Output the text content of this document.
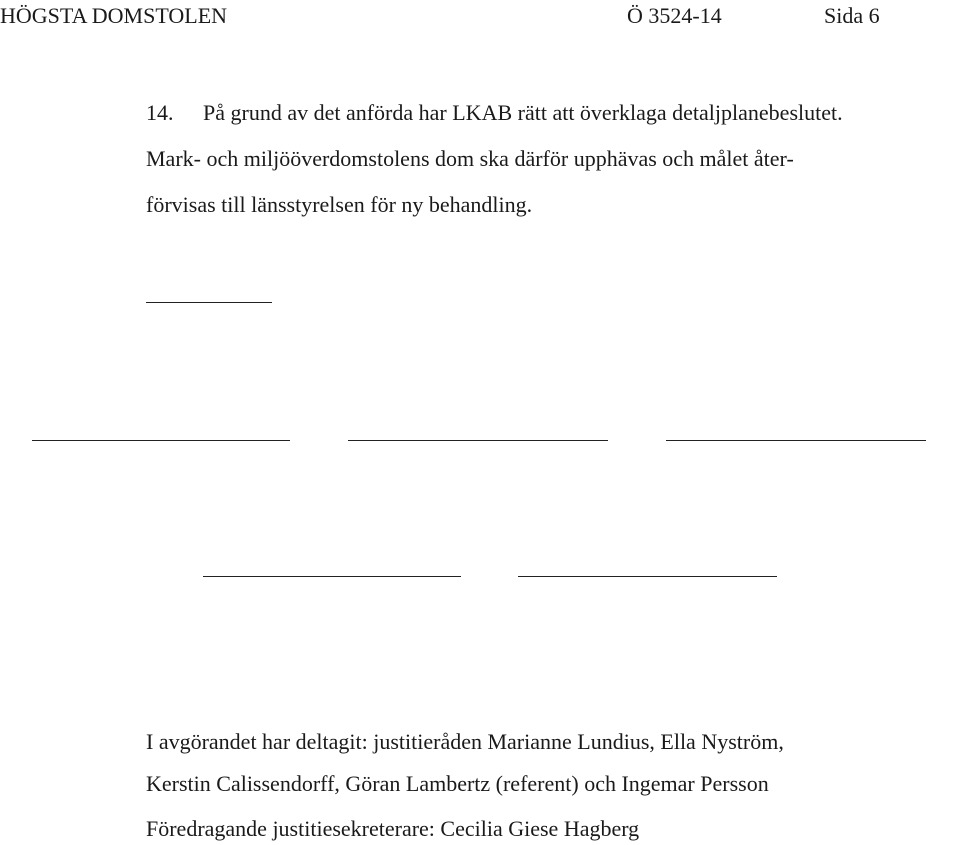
HÖGSTA DOMSTOLEN	Ö 3524-14	Sida 6
14. På grund av det anförda har LKAB rätt att överklaga detaljplanebeslutet.
Mark- och miljööverdomstolens dom ska därför upphävas och målet åter-
förvisas till länsstyrelsen för ny behandling.
I avgörandet har deltagit: justitieråden Marianne Lundius, Ella Nyström,
Kerstin Calissendorff, Göran Lambertz (referent) och Ingemar Persson
Föredragande justitiesekreterare: Cecilia Giese Hagberg
